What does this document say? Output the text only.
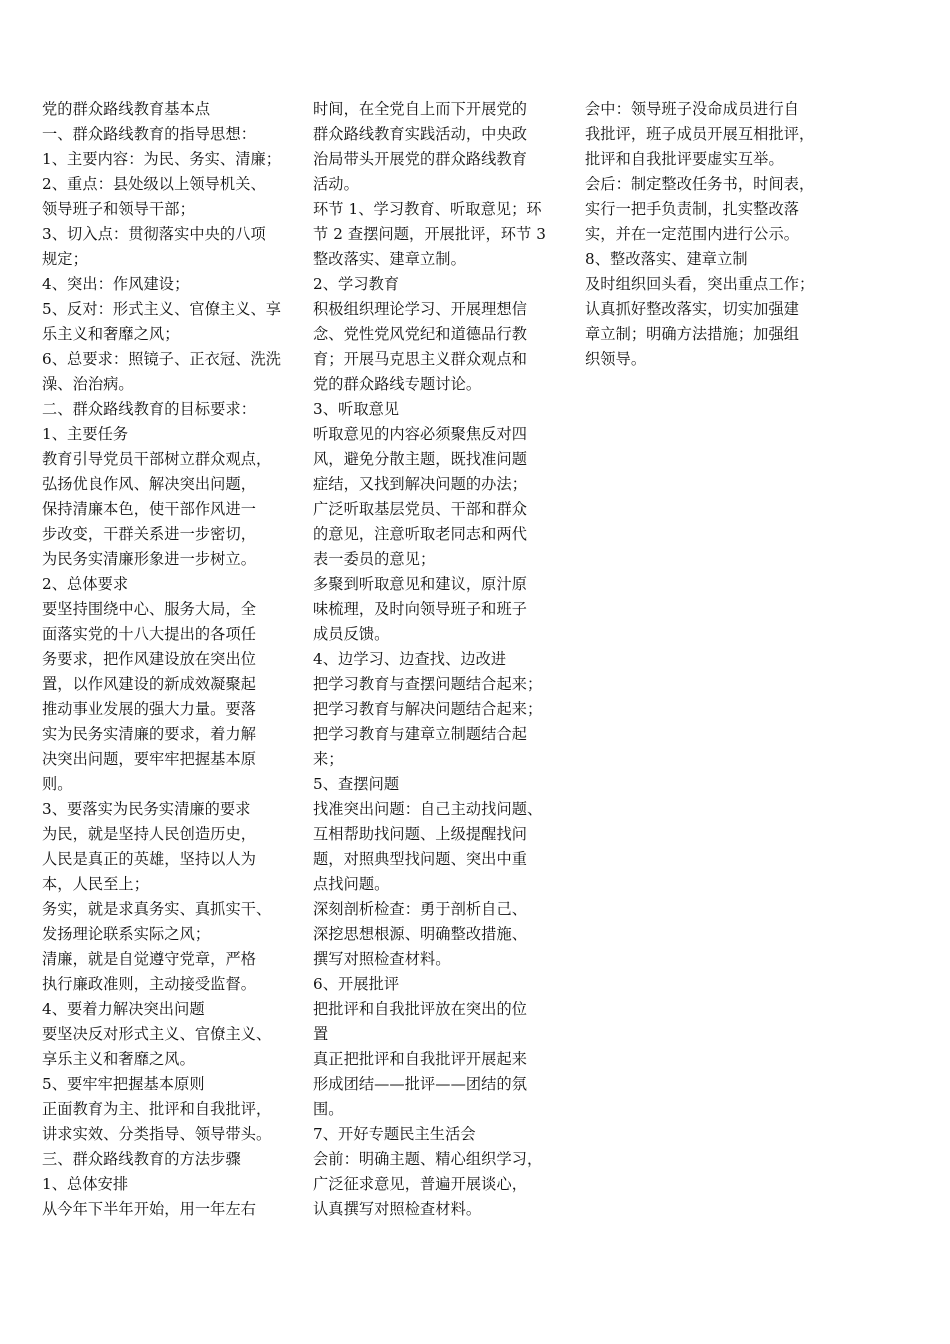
党的群众路线教育基本点
一、群众路线教育的指导思想：
1、主要内容：为民、务实、清廉；
2、重点：县处级以上领导机关、
领导班子和领导干部；
3、切入点：贯彻落实中央的八项
规定；
4、突出：作风建设；
5、反对：形式主义、官僚主义、享
乐主义和奢靡之风；
6、总要求：照镜子、正衣冠、洗洗
澡、治治病。
二、群众路线教育的目标要求：
1、主要任务
教育引导党员干部树立群众观点，
弘扬优良作风、解决突出问题，
保持清廉本色，使干部作风进一
步改变，干群关系进一步密切，
为民务实清廉形象进一步树立。
2、总体要求
要坚持围绕中心、服务大局，全
面落实党的十八大提出的各项任
务要求，把作风建设放在突出位
置，以作风建设的新成效凝聚起
推动事业发展的强大力量。要落
实为民务实清廉的要求，着力解
决突出问题，要牢牢把握基本原
则。
3、要落实为民务实清廉的要求
为民，就是坚持人民创造历史，
人民是真正的英雄，坚持以人为
本，人民至上；
务实，就是求真务实、真抓实干、
发扬理论联系实际之风；
清廉，就是自觉遵守党章，严格
执行廉政准则，主动接受监督。
4、要着力解决突出问题
要坚决反对形式主义、官僚主义、
享乐主义和奢靡之风。
5、要牢牢把握基本原则
正面教育为主、批评和自我批评，
讲求实效、分类指导、领导带头。
三、群众路线教育的方法步骤
1、总体安排
从今年下半年开始，用一年左右
时间，在全党自上而下开展党的
群众路线教育实践活动，中央政
治局带头开展党的群众路线教育
活动。
环节 1、学习教育、听取意见；环
节 2 查摆问题，开展批评，环节 3
整改落实、建章立制。
2、学习教育
积极组织理论学习、开展理想信
念、党性党风党纪和道德品行教
育；开展马克思主义群众观点和
党的群众路线专题讨论。
3、听取意见
听取意见的内容必须聚焦反对四
风，避免分散主题，既找准问题
症结，又找到解决问题的办法；
广泛听取基层党员、干部和群众
的意见，注意听取老同志和两代
表一委员的意见；
多聚到听取意见和建议，原汁原
味梳理，及时向领导班子和班子
成员反馈。
4、边学习、边查找、边改进
把学习教育与查摆问题结合起来；
把学习教育与解决问题结合起来；
把学习教育与建章立制题结合起
来；
5、查摆问题
找准突出问题：自己主动找问题、
互相帮助找问题、上级提醒找问
题，对照典型找问题、突出中重
点找问题。
深刻剖析检查：勇于剖析自己、
深挖思想根源、明确整改措施、
撰写对照检查材料。
6、开展批评
把批评和自我批评放在突出的位
置
真正把批评和自我批评开展起来
形成团结——批评——团结的氛
围。
7、开好专题民主生活会
会前：明确主题、精心组织学习，
广泛征求意见，普遍开展谈心，
认真撰写对照检查材料。
会中：领导班子没命成员进行自
我批评，班子成员开展互相批评，
批评和自我批评要虚实互举。
会后：制定整改任务书，时间表，
实行一把手负责制，扎实整改落
实，并在一定范围内进行公示。
8、整改落实、建章立制
及时组织回头看，突出重点工作；
认真抓好整改落实，切实加强建
章立制；明确方法措施；加强组
织领导。
